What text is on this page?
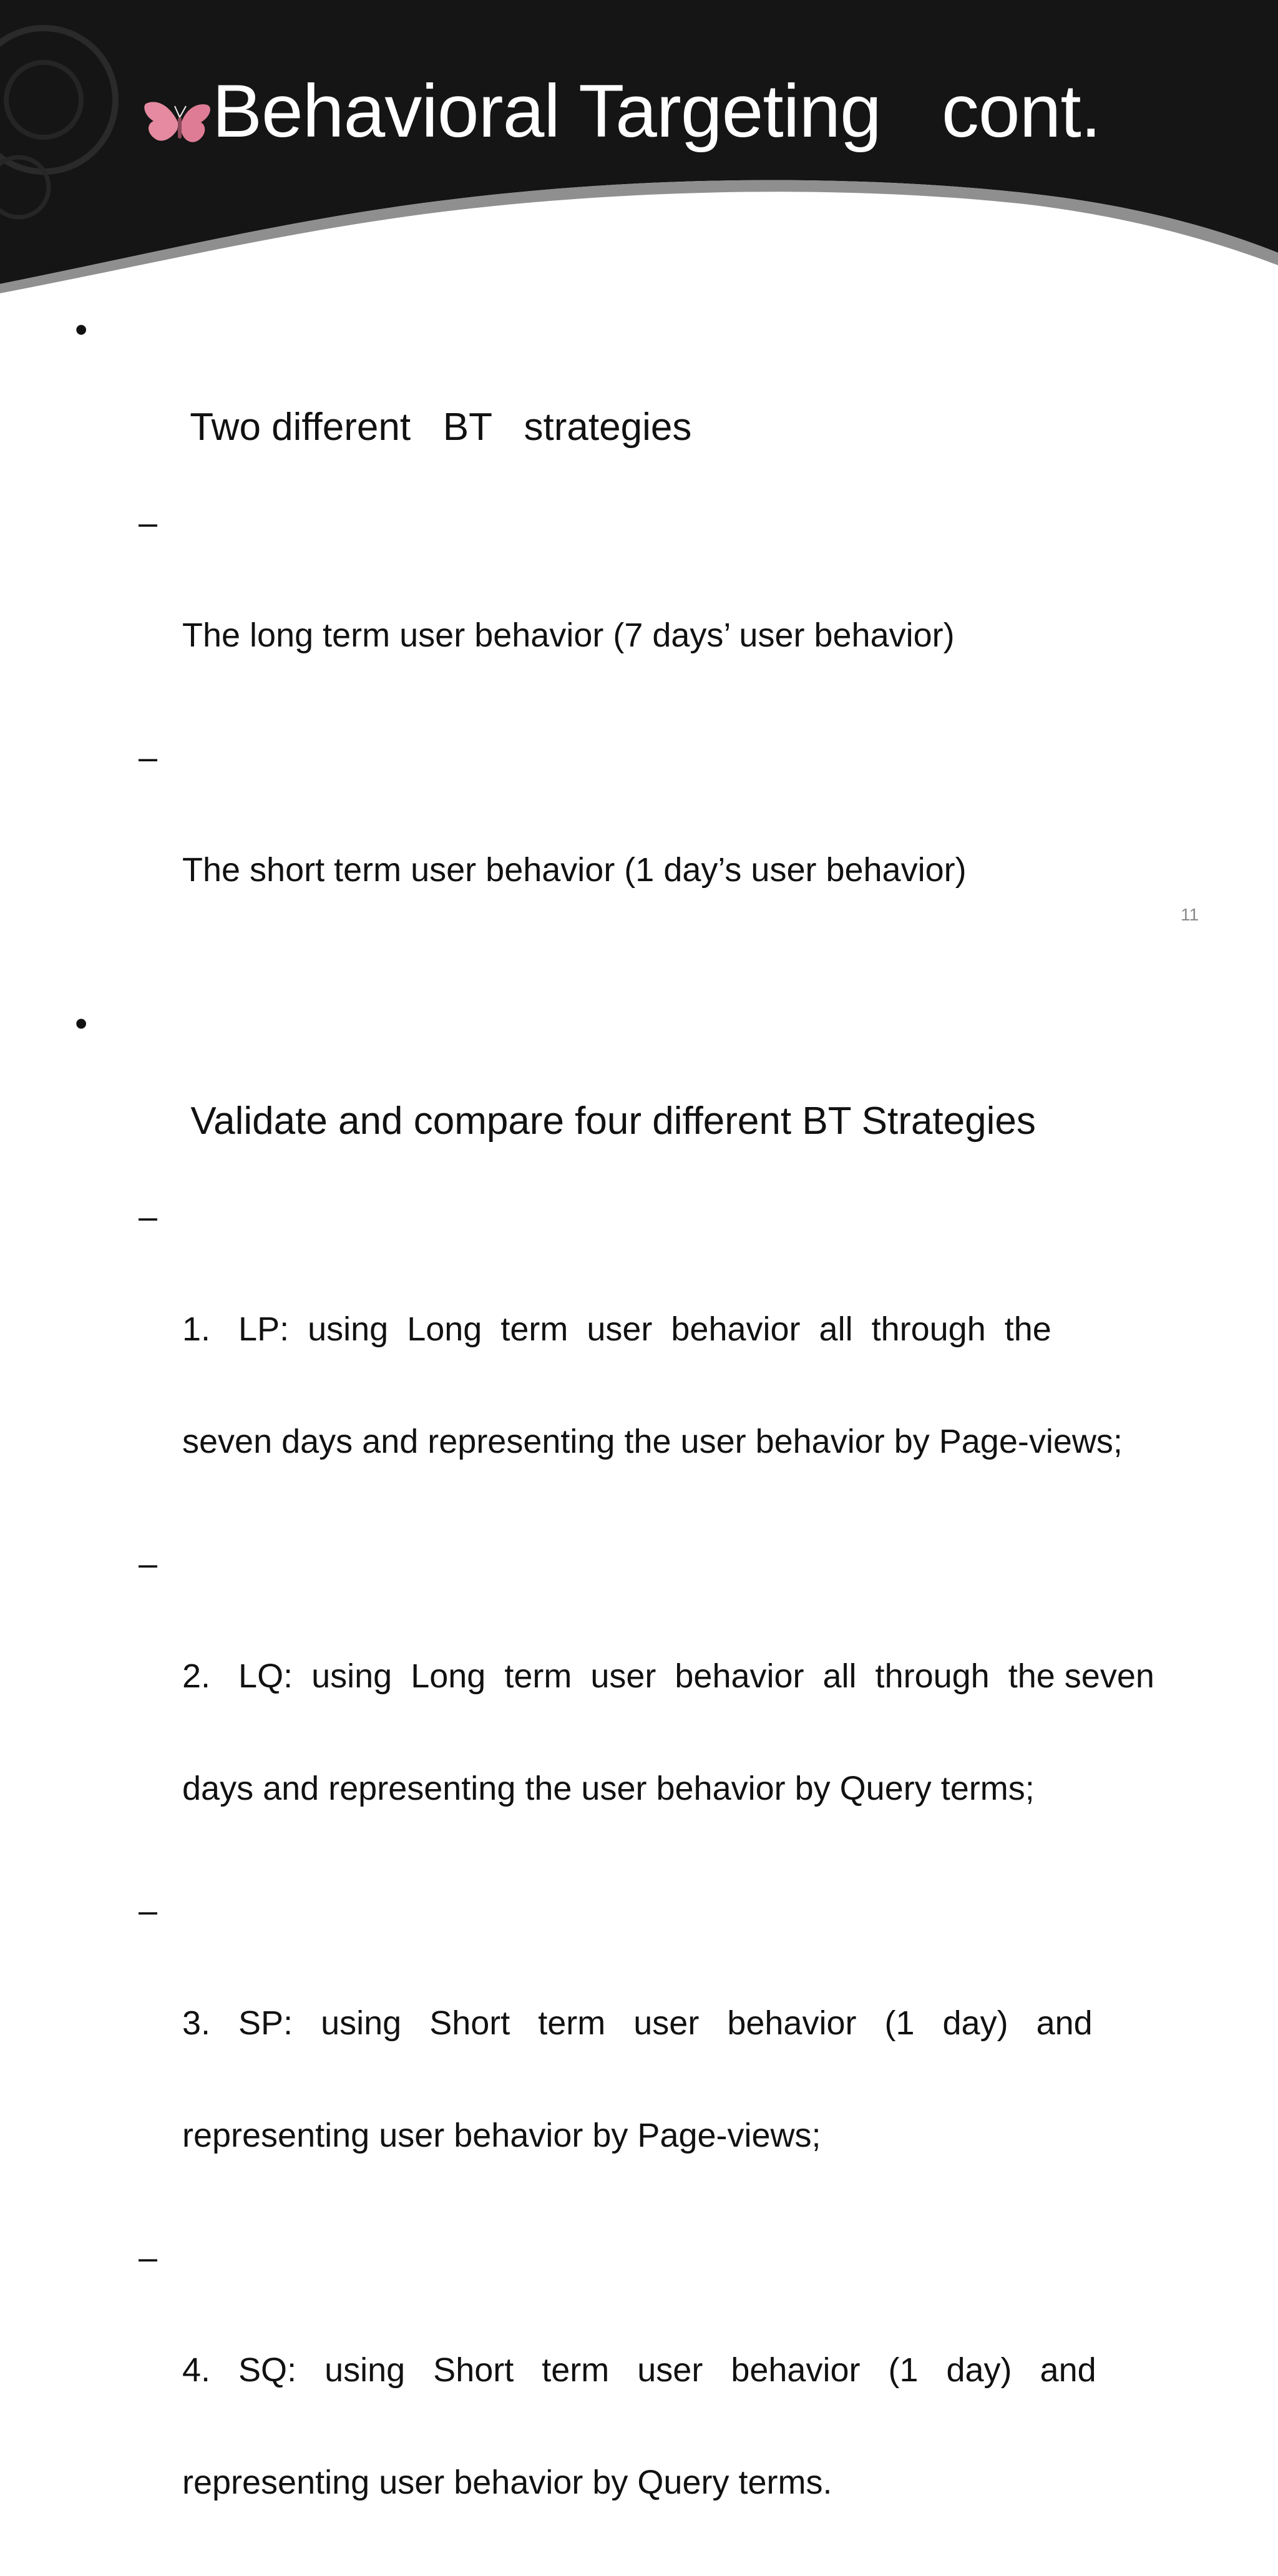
Behavioral Targeting   cont.

•

Two different   BT   strategies

–

The long term user behavior (7 days’ user behavior)

–

The short term user behavior (1 day’s user behavior)

•

Validate and compare four different BT Strategies

–

1.   LP:  using  Long  term  user  behavior  all  through  the

seven days and representing the user behavior by Page-views;

–

2.   LQ:  using  Long  term  user  behavior  all  through  the seven

days and representing the user behavior by Query terms;

–

3.   SP:   using   Short   term   user   behavior   (1   day)   and

representing user behavior by Page-views;

–

4.   SQ:   using   Short   term   user   behavior   (1   day)   and

representing user behavior by Query terms.

11
